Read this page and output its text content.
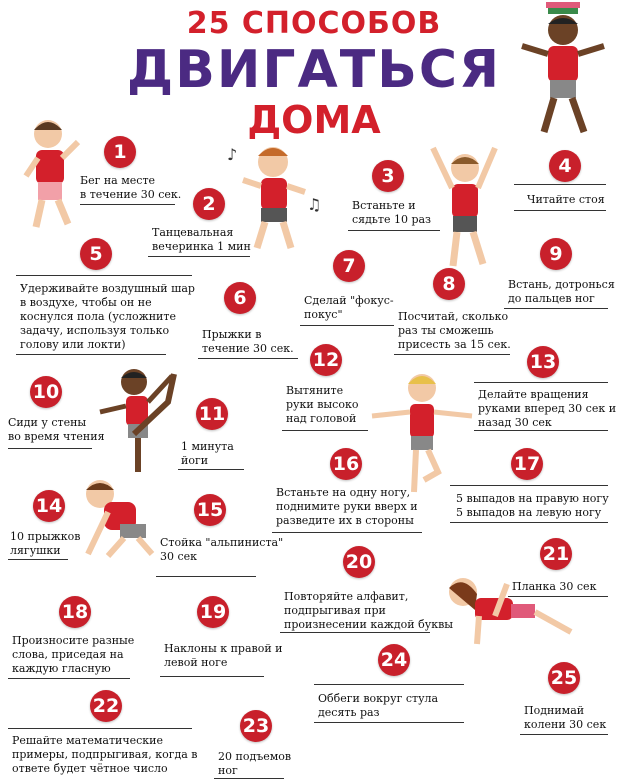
25 СПОСОБОВ
ДВИГАТЬСЯ
ДОМА
♪
♫
1
Бег на месте
в течение 30 сек.	2
Танцевальная
вечеринка 1 мин
3
Встаньте и
сядьте 10 раз
4
Читайте стоя
5
Удерживайте воздушный шар
в воздухе, чтобы он не
коснулся пола (усложните
задачу, используя только
голову или локти)
6
Прыжки в
течение 30 сек.
7
Сделай "фокус-
покус"
8
Посчитай, сколько
раз ты сможешь
присесть за 15 сек.
9
Встань, дотронься
до пальцев ног
10
Сиди у стены
во время чтения
11
1 минута
йоги
12
Вытяните
руки высоко
над головой
13
Делайте вращения
руками вперед 30 сек и
назад 30 сек
14
10 прыжков
лягушки
15
Стойка "альпиниста"
30 сек
16
Встаньте на одну ногу,
поднимите руки вверх и
разведите их в стороны
17
5 выпадов на правую ногу
5 выпадов на левую ногу
18
Произносите разные
слова, приседая на
каждую гласную
19
Наклоны к правой и
левой ноге
20
Повторяйте алфавит,
подпрыгивая при
произнесении каждой буквы
21
Планка 30 сек
22
Решайте математические
примеры, подпрыгивая, когда в
ответе будет чётное число
23
20 подъемов
ног
24
Оббеги вокруг стула
десять раз
25
Поднимай
колени 30 сек
